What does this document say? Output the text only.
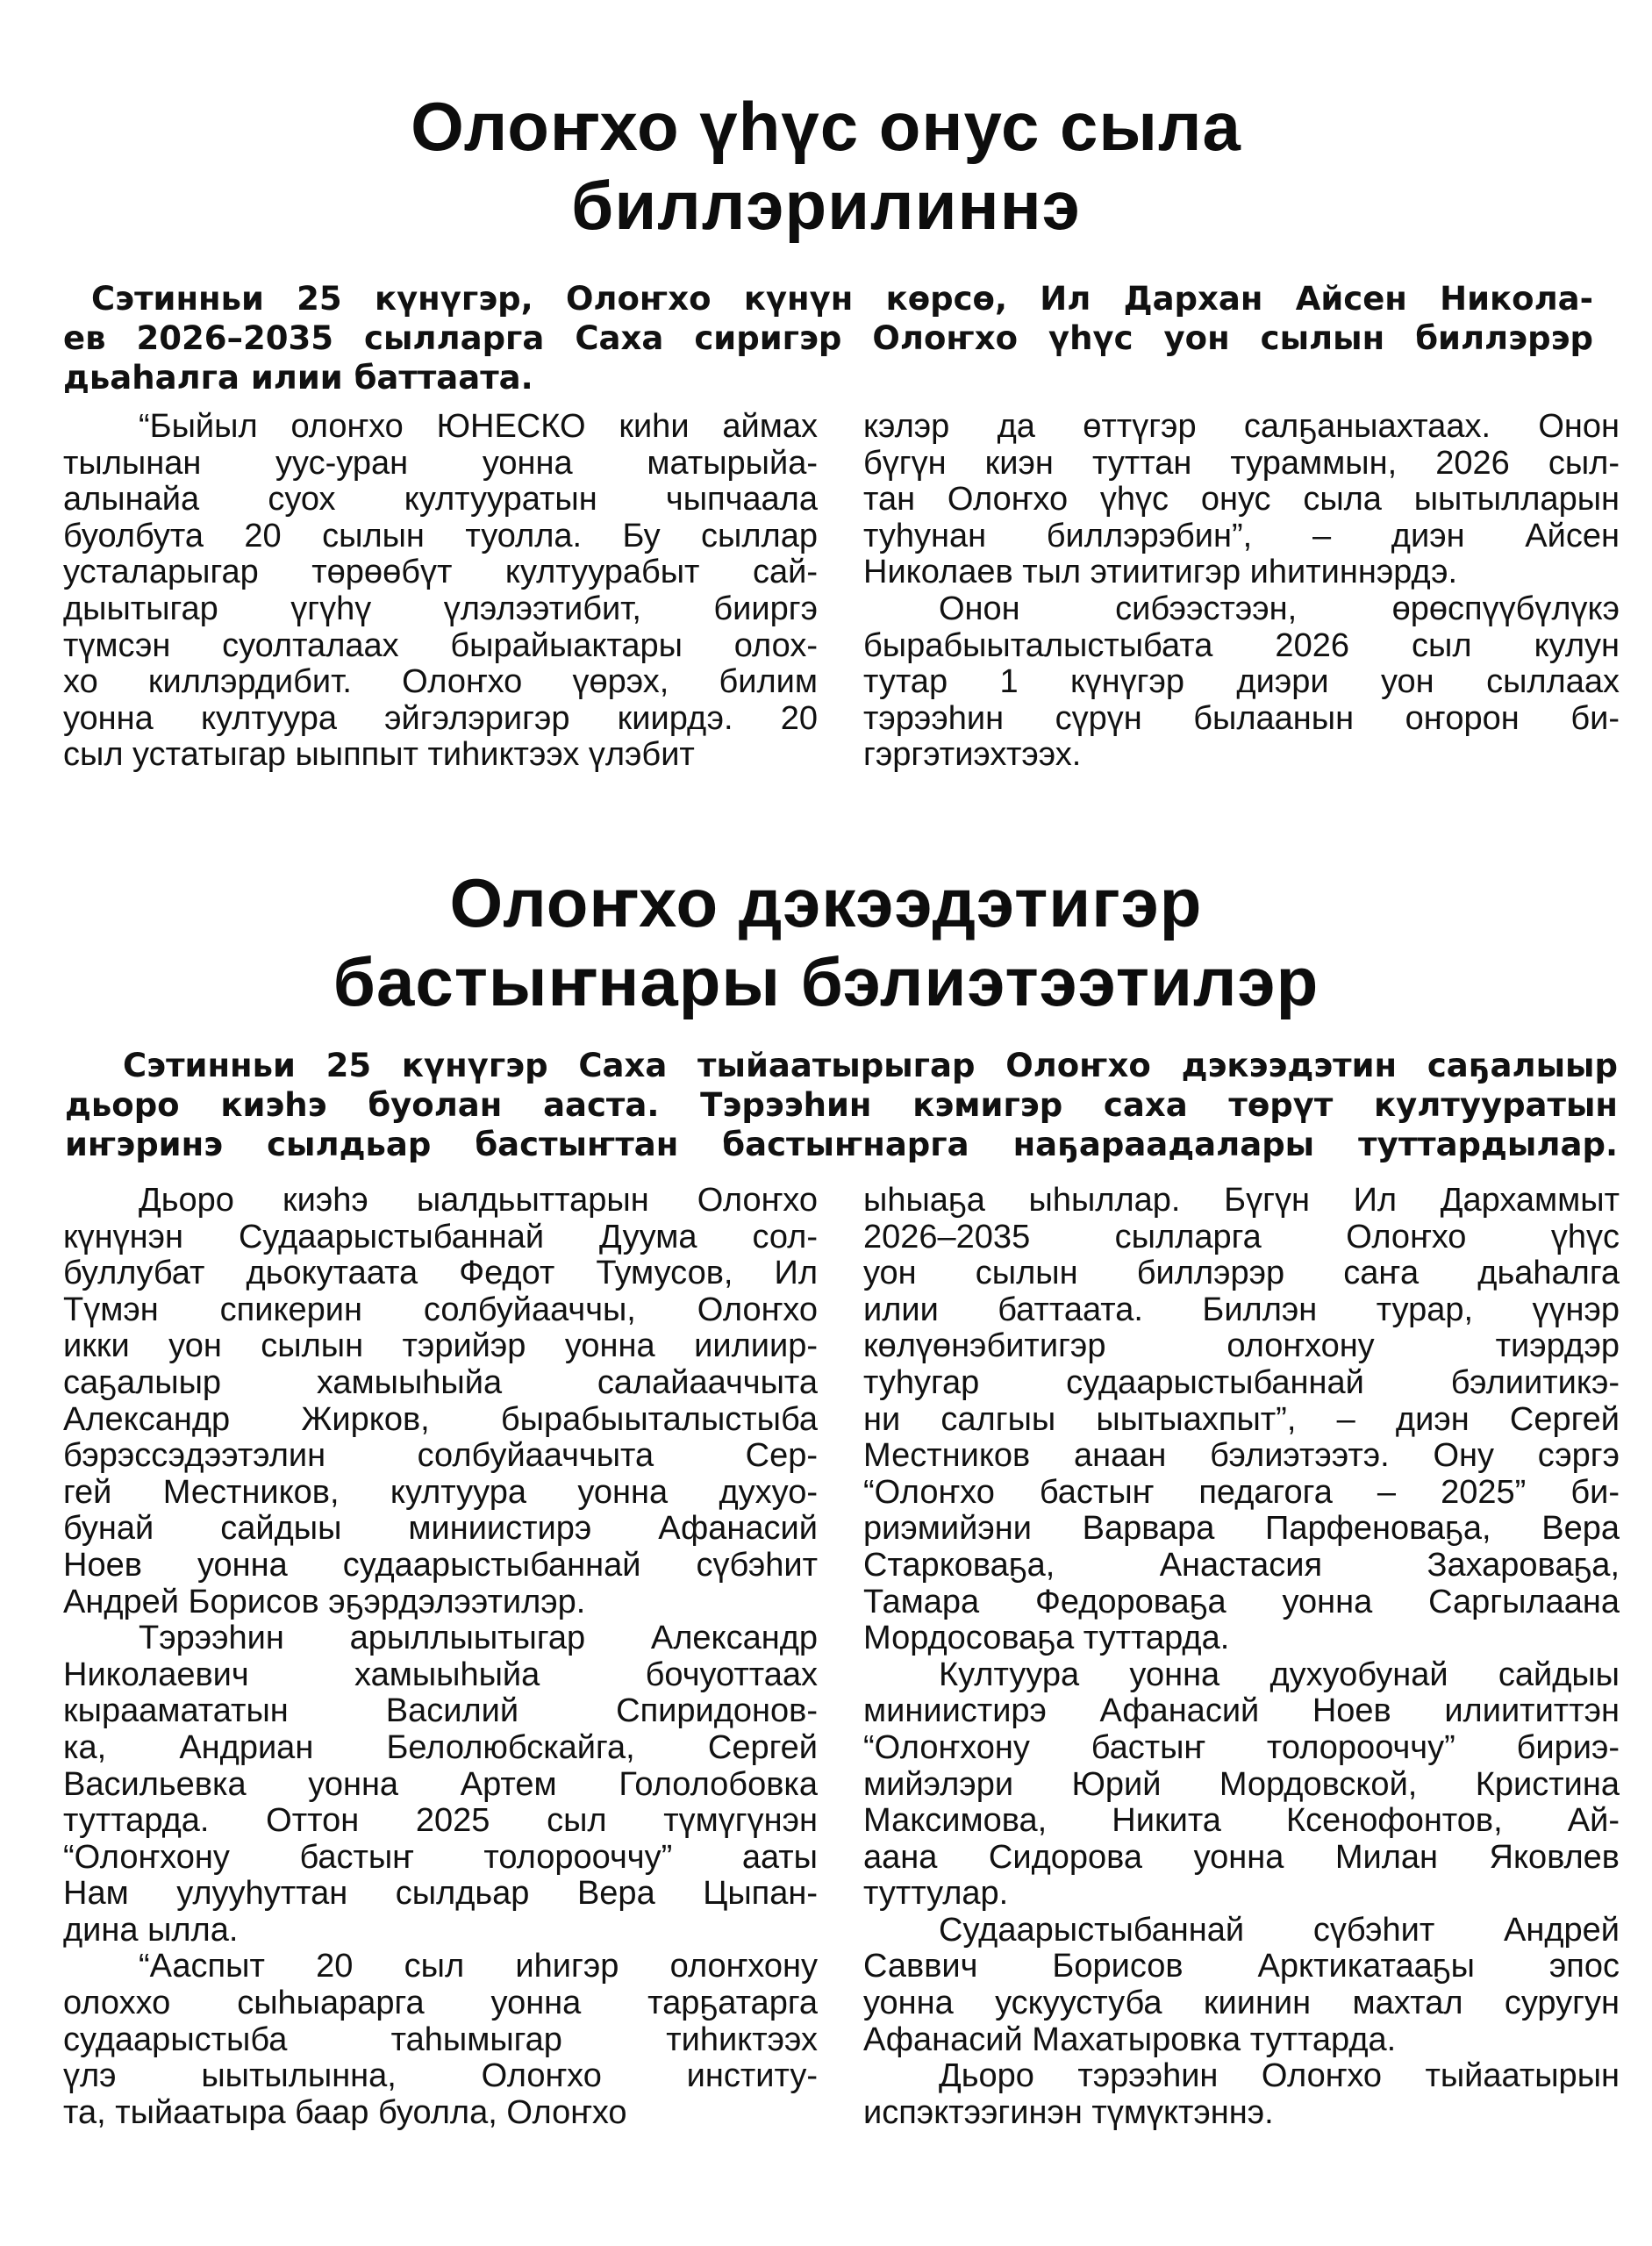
Олоҥхо үһүс онус сыла
биллэрилиннэ
Сэтинньи 25 күнүгэр, Олоҥхо күнүн көрсө, Ил Дархан Айсен Никола-
ев 2026–2035 сылларга Саха сиригэр Олоҥхо үһүс уон сылын биллэрэр
дьаһалга илии баттаата.
“Быйыл олоҥхо ЮНЕСКО киһи аймах
тылынан уус-уран уонна матырыйа-
алынайа суох култууратын чыпчаала
буолбута 20 сылын туолла. Бу сыллар
усталарыгар төрөөбүт култуурабыт сай-
дыытыгар үгүһү үлэлээтибит, бииргэ
түмсэн суолталаах бырайыактары олох-
хо киллэрдибит. Олоҥхо үөрэх, билим
уонна култуура эйгэлэригэр киирдэ. 20
сыл устатыгар ыыппыт тиһиктээх үлэбит
кэлэр да өттүгэр салҕаныахтаах. Онон
бүгүн киэн туттан тураммын, 2026 сыл-
тан Олоҥхо үһүс онус сыла ыытылларын
туһунан биллэрэбин”, – диэн Айсен
Николаев тыл этиитигэр иһитиннэрдэ.
Онон сибээстээн, өрөспүүбүлүкэ
бырабыыталыстыбата 2026 сыл кулун
тутар 1 күнүгэр диэри уон сыллаах
тэрээһин сүрүн былаанын оҥорон би-
гэргэтиэхтээх.
Олоҥхо дэкээдэтигэр
бастыҥнары бэлиэтээтилэр
Сэтинньи 25 күнүгэр Саха тыйаатырыгар Олоҥхо дэкээдэтин саҕалыыр
дьоро киэһэ буолан ааста. Тэрээһин кэмигэр саха төрүт култууратын
иҥэринэ сылдьар бастыҥтан бастыҥнарга наҕараадалары туттардылар.
Дьоро киэһэ ыалдьыттарын Олоҥхо
күнүнэн Судаарыстыбаннай Дуума сол-
буллубат дьокутаата Федот Тумусов, Ил
Түмэн спикерин солбуйааччы, Олоҥхо
икки уон сылын тэрийэр уонна иилиир-
саҕалыыр хамыыһыйа салайааччыта
Александр Жирков, бырабыыталыстыба
бэрэссэдээтэлин солбуйааччыта Сер-
гей Местников, култуура уонна духуо-
бунай сайдыы миниистирэ Афанасий
Ноев уонна судаарыстыбаннай сүбэһит
Андрей Борисов эҕэрдэлээтилэр.
Тэрээһин арыллыытыгар Александр
Николаевич хамыыһыйа бочуоттаах
кыраамататын Василий Спиридонов-
ка, Андриан Белолюбскайга, Сергей
Васильевка уонна Артем Гололобовка
туттарда. Оттон 2025 сыл түмүгүнэн
“Олоҥхону бастыҥ толорооччу” ааты
Нам улууһуттан сылдьар Вера Цыпан-
дина ылла.
“Ааспыт 20 сыл иһигэр олоҥхону
олоххо сыһыарарга уонна тарҕатарга
судаарыстыба таһымыгар тиһиктээх
үлэ ыытылынна, Олоҥхо институ-
та, тыйаатыра баар буолла, Олоҥхо
ыһыаҕа ыһыллар. Бүгүн Ил Дархаммыт
2026–2035 сылларга Олоҥхо үһүс
уон сылын биллэрэр саҥа дьаһалга
илии баттаата. Биллэн турар, үүнэр
көлүөнэбитигэр олоҥхону тиэрдэр
туһугар судаарыстыбаннай бэлиитикэ-
ни салгыы ыытыахпыт”, – диэн Сергей
Местников анаан бэлиэтээтэ. Ону сэргэ
“Олоҥхо бастыҥ педагога – 2025” би-
риэмийэни Варвара Парфеноваҕа, Вера
Старковаҕа, Анастасия Захароваҕа,
Тамара Федороваҕа уонна Саргылаана
Мордосоваҕа туттарда.
Култуура уонна духуобунай сайдыы
миниистирэ Афанасий Ноев илиититтэн
“Олоҥхону бастыҥ толорооччу” бириэ-
мийэлэри Юрий Мордовской, Кристина
Максимова, Никита Ксенофонтов, Ай-
аана Сидорова уонна Милан Яковлев
туттулар.
Судаарыстыбаннай сүбэһит Андрей
Саввич Борисов Арктикатааҕы эпос
уонна ускуустуба киинин махтал суругун
Афанасий Махатыровка туттарда.
Дьоро тэрээһин Олоҥхо тыйаатырын
испэктээгинэн түмүктэннэ.
